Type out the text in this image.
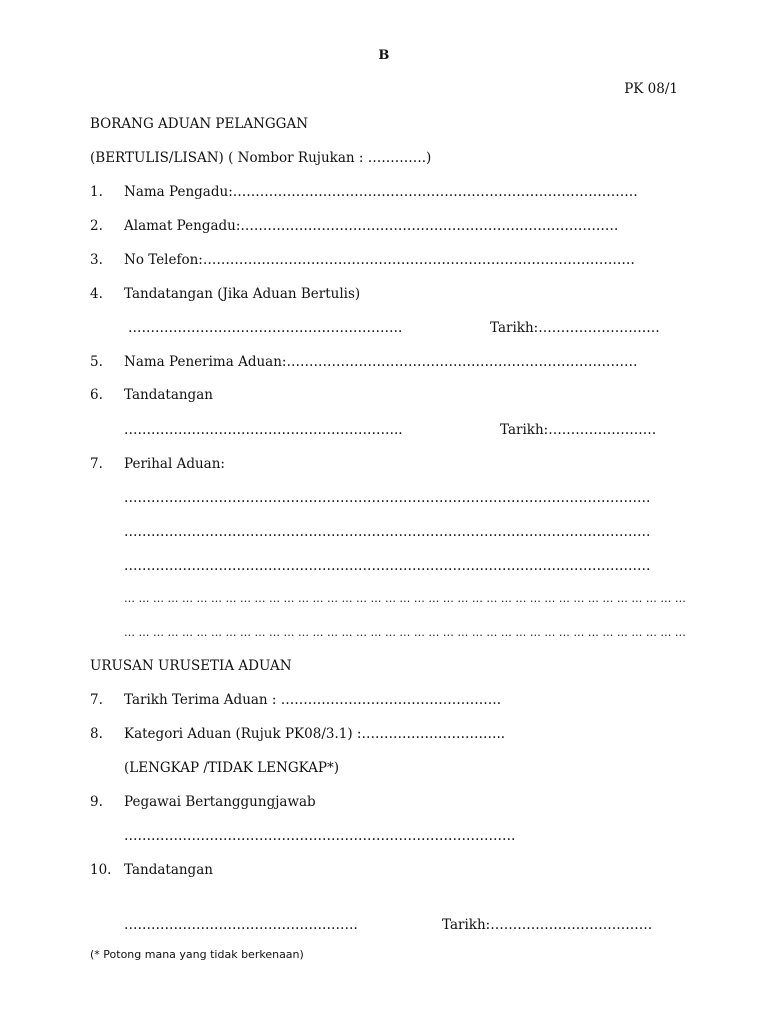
B
PK 08/1
BORANG ADUAN PELANGGAN
(BERTULIS/LISAN) ( Nombor Rujukan : ………….)
1. Nama Pengadu:………………………………………………………………………………
2. Alamat Pengadu:…………………………………………………………………………
3. No Telefon:……………………………………………………………………………………
4. Tandatangan (Jika Aduan Bertulis)
…………………………………………………….	Tarikh:………………………
5. Nama Penerima Aduan:……………………………………………………………………
6. Tandatangan
……………………………………………………..	Tarikh:……………………
7. Perihal Aduan:
………………………………………………………………………………………………………
………………………………………………………………………………………………………
………………………………………………………………………………………………………
… … … … … … … … … … … … … … … … … … … … … … … … … … … … … … … … … … … … … … …
… … … … … … … … … … … … … … … … … … … … … … … … … … … … … … … … … … … … … … …
URUSAN URUSETIA ADUAN
7. Tarikh Terima Aduan : ………………………………………….
8. Kategori Aduan (Rujuk PK08/3.1) :…………………………..
(LENGKAP /TIDAK LENGKAP*)
9. Pegawai Bertanggungjawab
……………………………………………………………………………
10. Tandatangan
…………………………………………….	Tarikh:………………………………
(* Potong mana yang tidak berkenaan)
